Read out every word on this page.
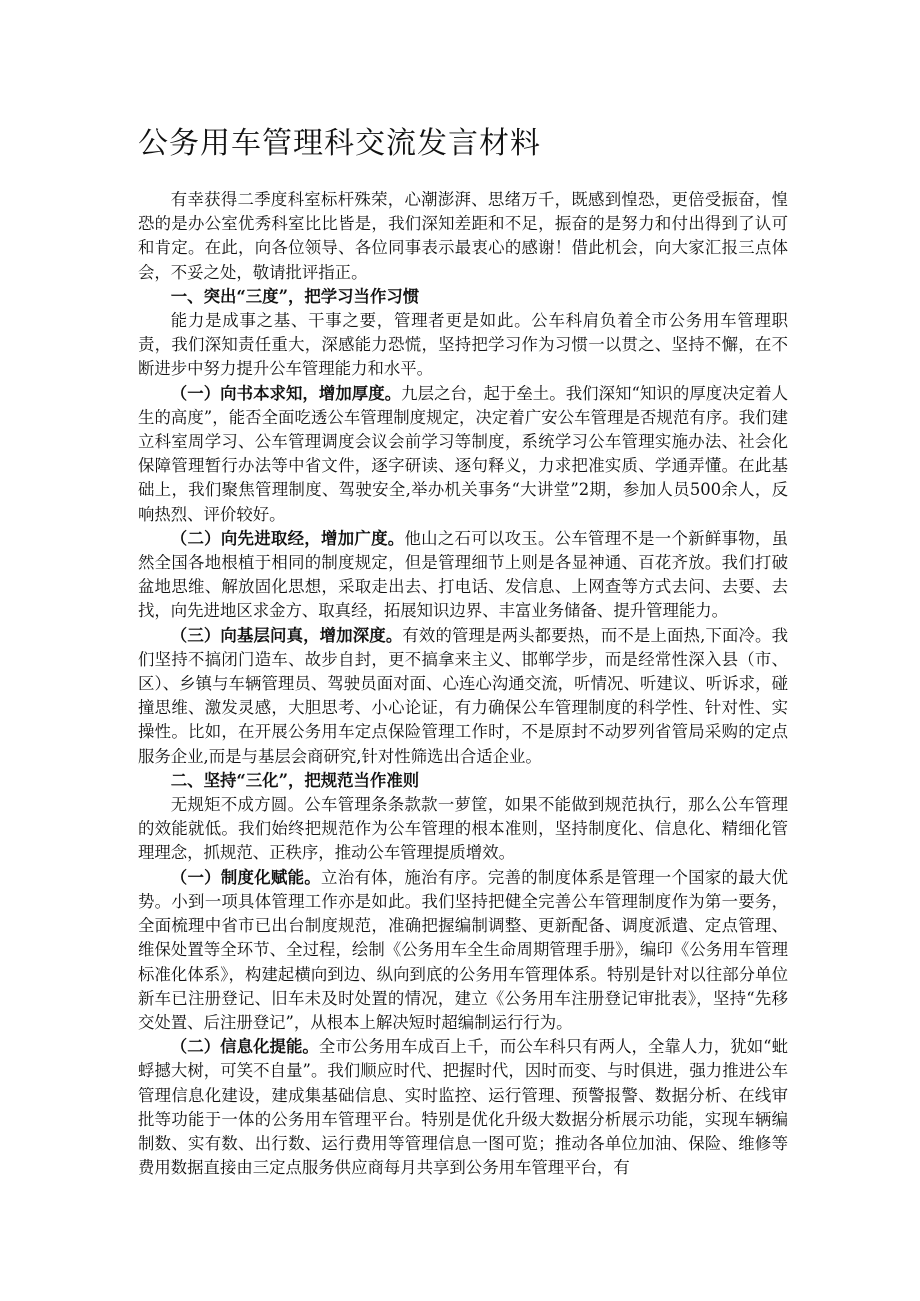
公务用车管理科交流发言材料

有幸获得二季度科室标杆殊荣，心潮澎湃、思绪万千，既感到惶恐，更倍受振奋，惶恐的是办公室优秀科室比比皆是，我们深知差距和不足，振奋的是努力和付出得到了认可和肯定。在此，向各位领导、各位同事表示最衷心的感谢！借此机会，向大家汇报三点体会，不妥之处，敬请批评指正。

一、突出“三度”，把学习当作习惯

能力是成事之基、干事之要，管理者更是如此。公车科肩负着全市公务用车管理职责，我们深知责任重大，深感能力恐慌，坚持把学习作为习惯一以贯之、坚持不懈，在不断进步中努力提升公车管理能力和水平。

（一）向书本求知，增加厚度。九层之台，起于垒土。我们深知“知识的厚度决定着人生的高度”，能否全面吃透公车管理制度规定，决定着广安公车管理是否规范有序。我们建立科室周学习、公车管理调度会议会前学习等制度，系统学习公车管理实施办法、社会化保障管理暂行办法等中省文件，逐字研读、逐句释义，力求把准实质、学通弄懂。在此基础上，我们聚焦管理制度、驾驶安全,举办机关事务“大讲堂”2期，参加人员500余人，反响热烈、评价较好。

（二）向先进取经，增加广度。他山之石可以攻玉。公车管理不是一个新鲜事物，虽然全国各地根植于相同的制度规定，但是管理细节上则是各显神通、百花齐放。我们打破盆地思维、解放固化思想，采取走出去、打电话、发信息、上网查等方式去问、去要、去找，向先进地区求金方、取真经，拓展知识边界、丰富业务储备、提升管理能力。

（三）向基层问真，增加深度。有效的管理是两头都要热，而不是上面热,下面冷。我们坚持不搞闭门造车、故步自封，更不搞拿来主义、邯郸学步，而是经常性深入县（市、区）、乡镇与车辆管理员、驾驶员面对面、心连心沟通交流，听情况、听建议、听诉求，碰撞思维、激发灵感，大胆思考、小心论证，有力确保公车管理制度的科学性、针对性、实操性。比如，在开展公务用车定点保险管理工作时，不是原封不动罗列省管局采购的定点服务企业,而是与基层会商研究,针对性筛选出合适企业。

二、坚持“三化”，把规范当作准则

无规矩不成方圆。公车管理条条款款一萝筐，如果不能做到规范执行，那么公车管理的效能就低。我们始终把规范作为公车管理的根本准则，坚持制度化、信息化、精细化管理理念，抓规范、正秩序，推动公车管理提质增效。

（一）制度化赋能。立治有体，施治有序。完善的制度体系是管理一个国家的最大优势。小到一项具体管理工作亦是如此。我们坚持把健全完善公车管理制度作为第一要务，全面梳理中省市已出台制度规范，准确把握编制调整、更新配备、调度派遣、定点管理、维保处置等全环节、全过程，绘制《公务用车全生命周期管理手册》，编印《公务用车管理标准化体系》，构建起横向到边、纵向到底的公务用车管理体系。特别是针对以往部分单位新车已注册登记、旧车未及时处置的情况，建立《公务用车注册登记审批表》，坚持“先移交处置、后注册登记”，从根本上解决短时超编制运行行为。

（二）信息化提能。全市公务用车成百上千，而公车科只有两人，全靠人力，犹如“蚍蜉撼大树，可笑不自量”。我们顺应时代、把握时代，因时而变、与时俱进，强力推进公车管理信息化建设，建成集基础信息、实时监控、运行管理、预警报警、数据分析、在线审批等功能于一体的公务用车管理平台。特别是优化升级大数据分析展示功能，实现车辆编制数、实有数、出行数、运行费用等管理信息一图可览；推动各单位加油、保险、维修等费用数据直接由三定点服务供应商每月共享到公务用车管理平台，有
